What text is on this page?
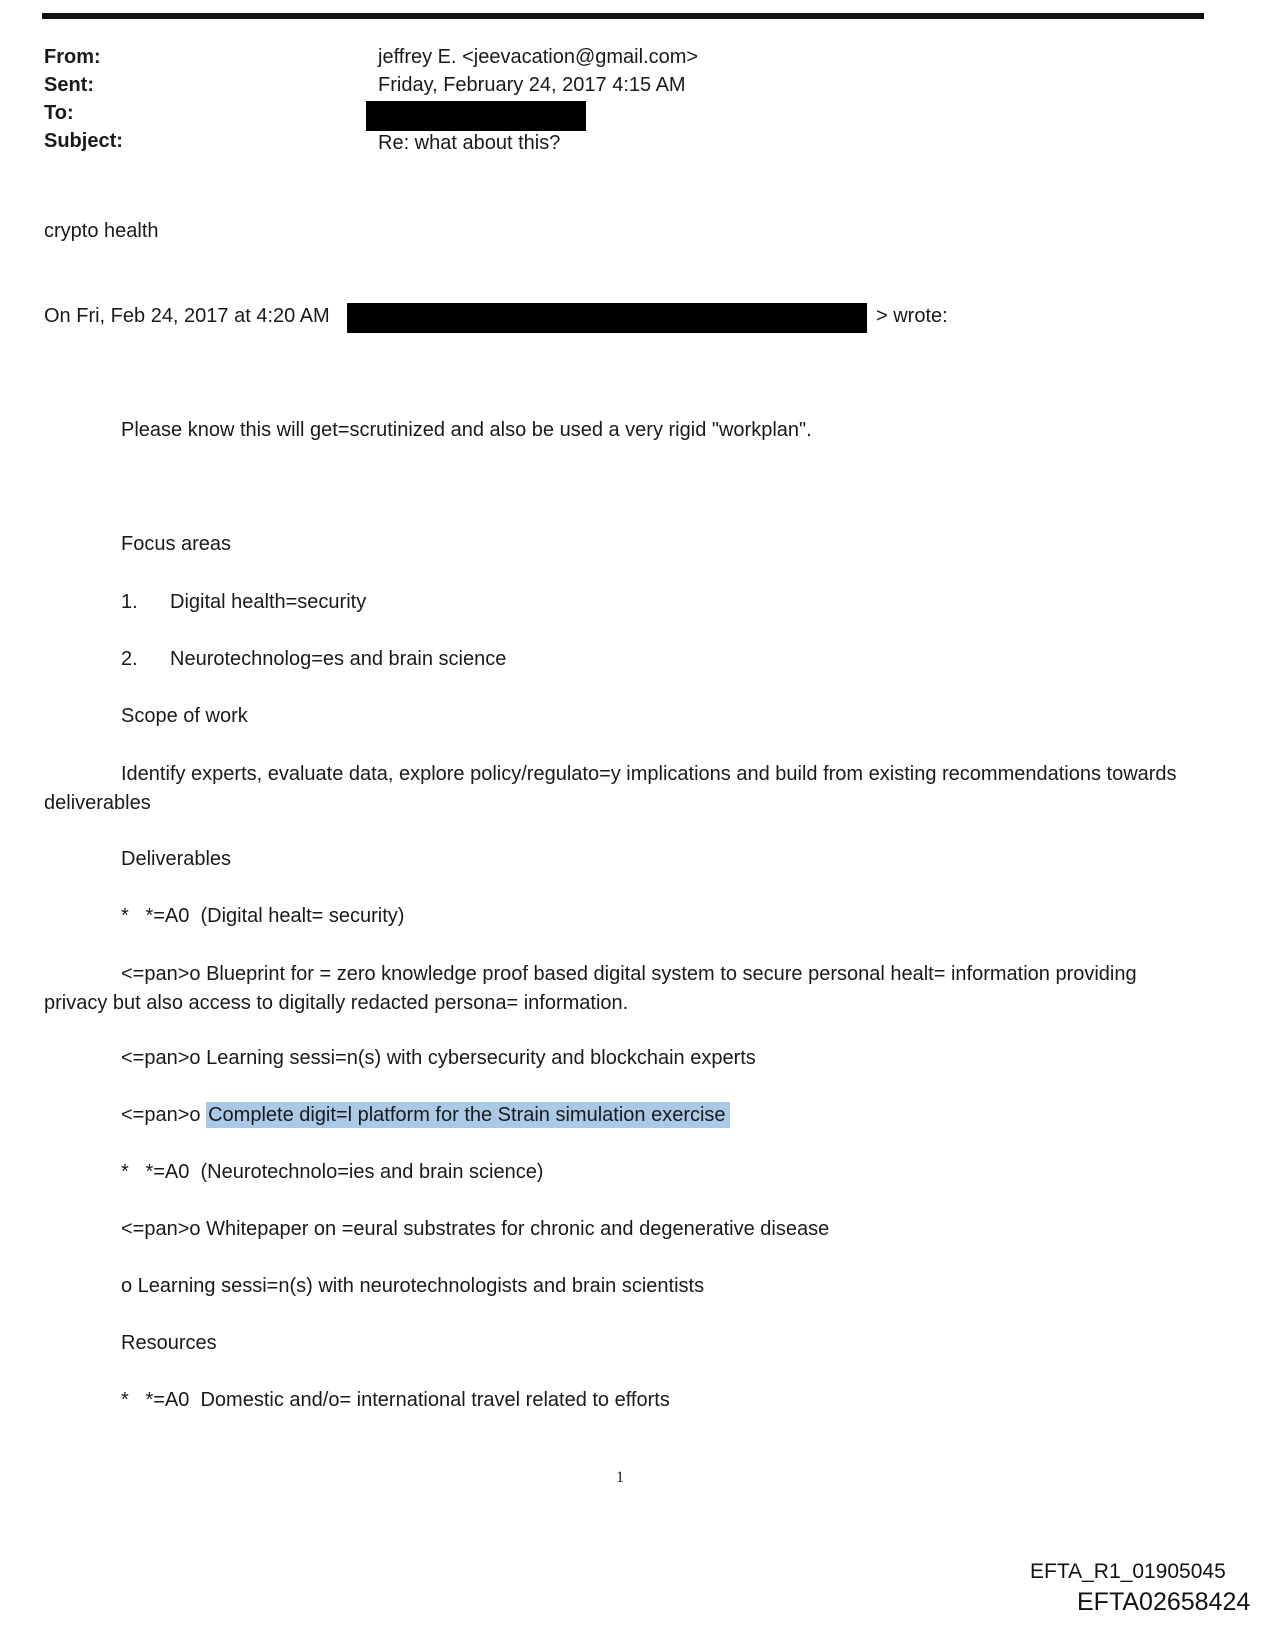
From:
Sent:
To:
Subject:
jeffrey E. <jeevacation@gmail.com>
Friday, February 24, 2017 4:15 AM
Re: what about this?
crypto health
On Fri, Feb 24, 2017 at 4:20 AM	> wrote:
Please know this will get=scrutinized and also be used a very rigid "workplan".
Focus areas
1. Digital health=security
2. Neurotechnolog=es and brain science
Scope of work
Identify experts, evaluate data, explore policy/regulato=y implications and build from existing recommendations towards deliverables
Deliverables
*   *=A0  (Digital healt= security)
<=pan>o Blueprint for = zero knowledge proof based digital system to secure personal healt= information providing privacy but also access to digitally redacted persona= information.
<=pan>o Learning sessi=n(s) with cybersecurity and blockchain experts
<=pan>o Complete digit=l platform for the Strain simulation exercise
*   *=A0  (Neurotechnolo=ies and brain science)
<=pan>o Whitepaper on =eural substrates for chronic and degenerative disease
o Learning sessi=n(s) with neurotechnologists and brain scientists
Resources
*   *=A0  Domestic and/o= international travel related to efforts
1
EFTA_R1_01905045
EFTA02658424
